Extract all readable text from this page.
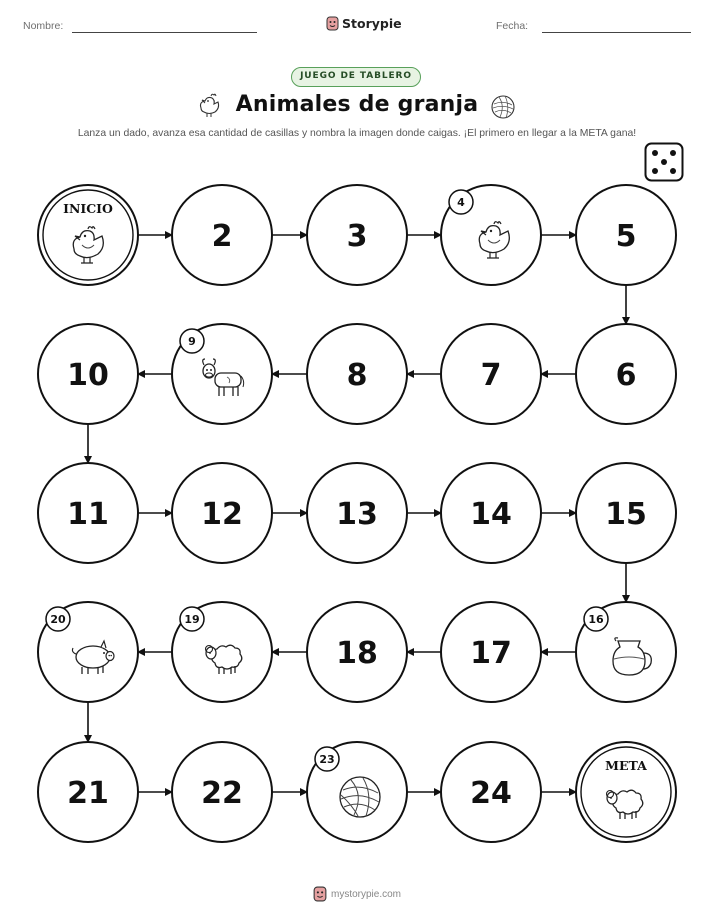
Nombre:	Storypie	Fecha:
JUEGO DE TABLERO
Animales de granja
Lanza un dado, avanza esa cantidad de casillas y nombra la imagen donde caigas. ¡El primero en llegar a la META gana!
INICIO
2	3
4
5
6
7
8
9
10
11	12	13	14	15
16
17
18
19
20
21	22
23
24
META
mystorypie.com
